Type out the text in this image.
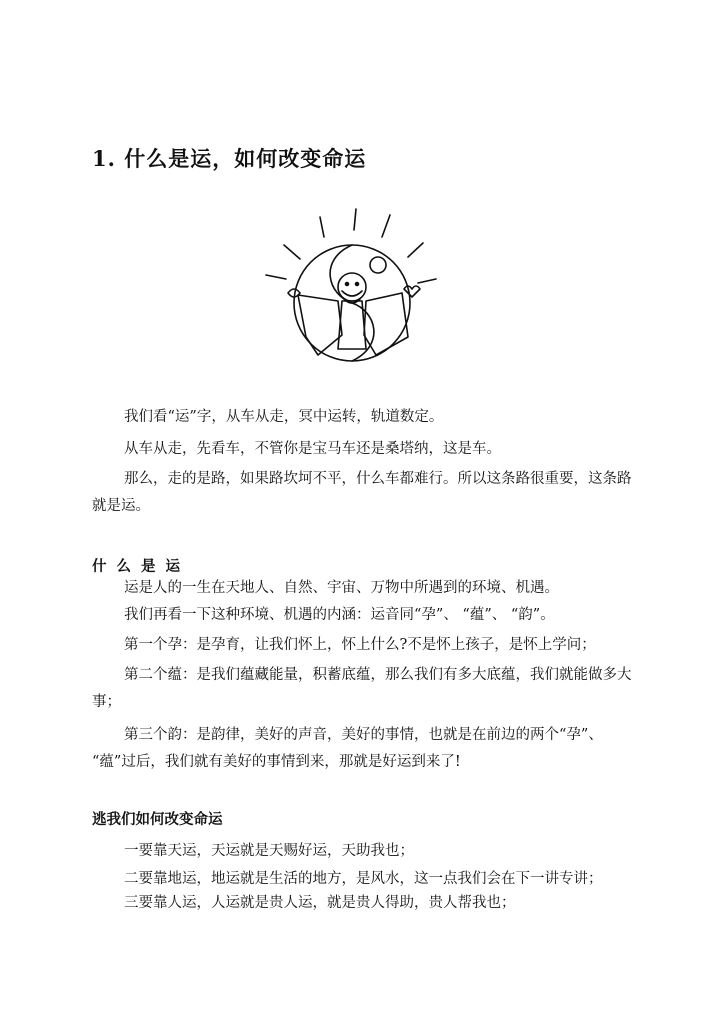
1. 什么是运，如何改变命运
我们看“运”字，从车从走，冥中运转，轨道数定。
从车从走，先看车，不管你是宝马车还是桑塔纳，这是车。
那么，走的是路，如果路坎坷不平，什么车都难行。所以这条路很重要，这条路就是运。
什么是运
运是人的一生在天地人、自然、宇宙、万物中所遇到的环境、机遇。
我们再看一下这种环境、机遇的内涵：运音同“孕”、 “蕴”、 “韵”。
第一个孕：是孕育，让我们怀上，怀上什么?不是怀上孩子，是怀上学问；
第二个蕴：是我们蕴藏能量，积蓄底蕴，那么我们有多大底蕴，我们就能做多大事；
第三个韵：是韵律，美好的声音，美好的事情，也就是在前边的两个“孕”、 “蕴”过后，我们就有美好的事情到来，那就是好运到来了!
逃我们如何改变命运
一要靠天运，天运就是天赐好运，天助我也；
二要靠地运，地运就是生活的地方，是风水，这一点我们会在下一讲专讲；
三要靠人运，人运就是贵人运，就是贵人得助，贵人帮我也；
